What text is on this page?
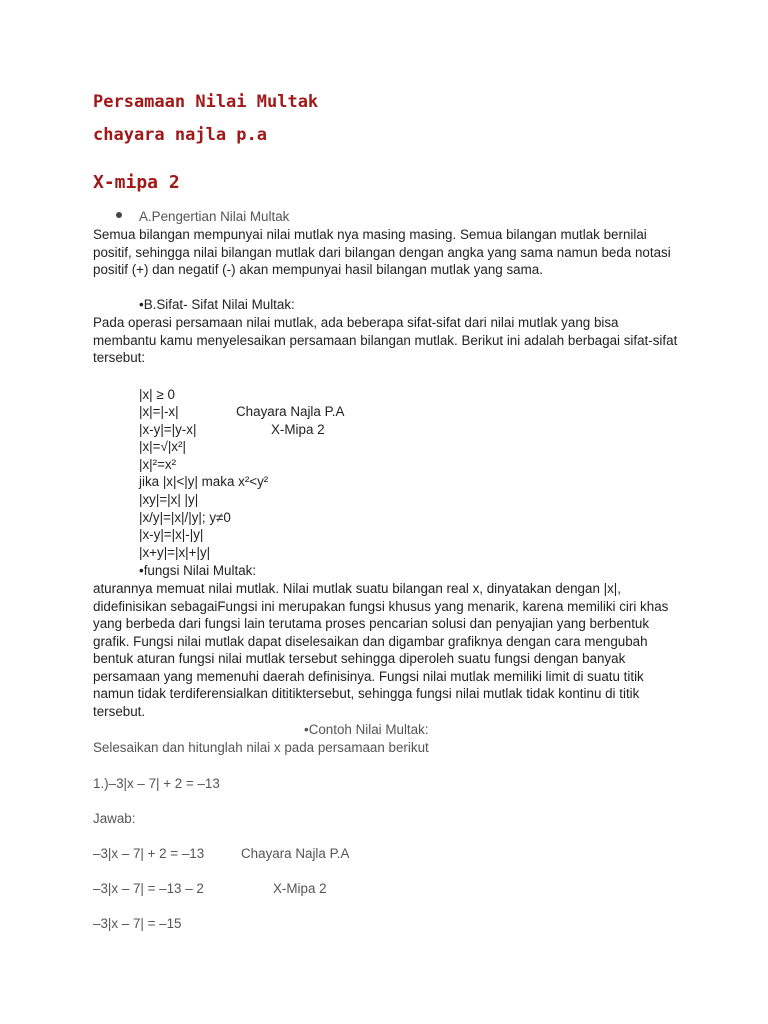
Persamaan Nilai Multak
chayara najla p.a
X-mipa 2

A.Pengertian Nilai Multak

Semua bilangan mempunyai nilai mutlak nya masing masing. Semua bilangan mutlak bernilai positif, sehingga nilai bilangan mutlak dari bilangan dengan angka yang sama namun beda notasi positif (+) dan negatif (-) akan mempunyai hasil bilangan mutlak yang sama.

•B.Sifat- Sifat Nilai Multak:

Pada operasi persamaan nilai mutlak, ada beberapa sifat-sifat dari nilai mutlak yang bisa membantu kamu menyelesaikan persamaan bilangan mutlak. Berikut ini adalah berbagai sifat-sifat tersebut:

|x| ≥ 0

|x|=|-x|

|x-y|=|y-x|

|x|=√|x²|

|x|²=x²

jika |x|<|y| maka x²<y²

|xy|=|x| |y|

|x/y|=|x|/|y|; y≠0

|x-y|=|x|-|y|

|x+y|=|x|+|y|

Chayara Najla P.A

X-Mipa 2

•fungsi Nilai Multak:

aturannya memuat nilai mutlak. Nilai mutlak suatu bilangan real x, dinyatakan dengan |x|, didefinisikan sebagaiFungsi ini merupakan fungsi khusus yang menarik, karena memiliki ciri khas yang berbeda dari fungsi lain terutama proses pencarian solusi dan penyajian yang berbentuk grafik. Fungsi nilai mutlak dapat diselesaikan dan digambar grafiknya dengan cara mengubah bentuk aturan fungsi nilai mutlak tersebut sehingga diperoleh suatu fungsi dengan banyak persamaan yang memenuhi daerah definisinya. Fungsi nilai mutlak memiliki limit di suatu titik namun tidak terdiferensialkan dititiktersebut, sehingga fungsi nilai mutlak tidak kontinu di titik tersebut.

•Contoh Nilai Multak:

Selesaikan dan hitunglah nilai x pada persamaan berikut

1.)–3|x – 7| + 2 = –13

Jawab:

–3|x – 7| + 2 = –13	Chayara Najla P.A

–3|x – 7| = –13 – 2	X-Mipa 2

–3|x – 7| = –15
